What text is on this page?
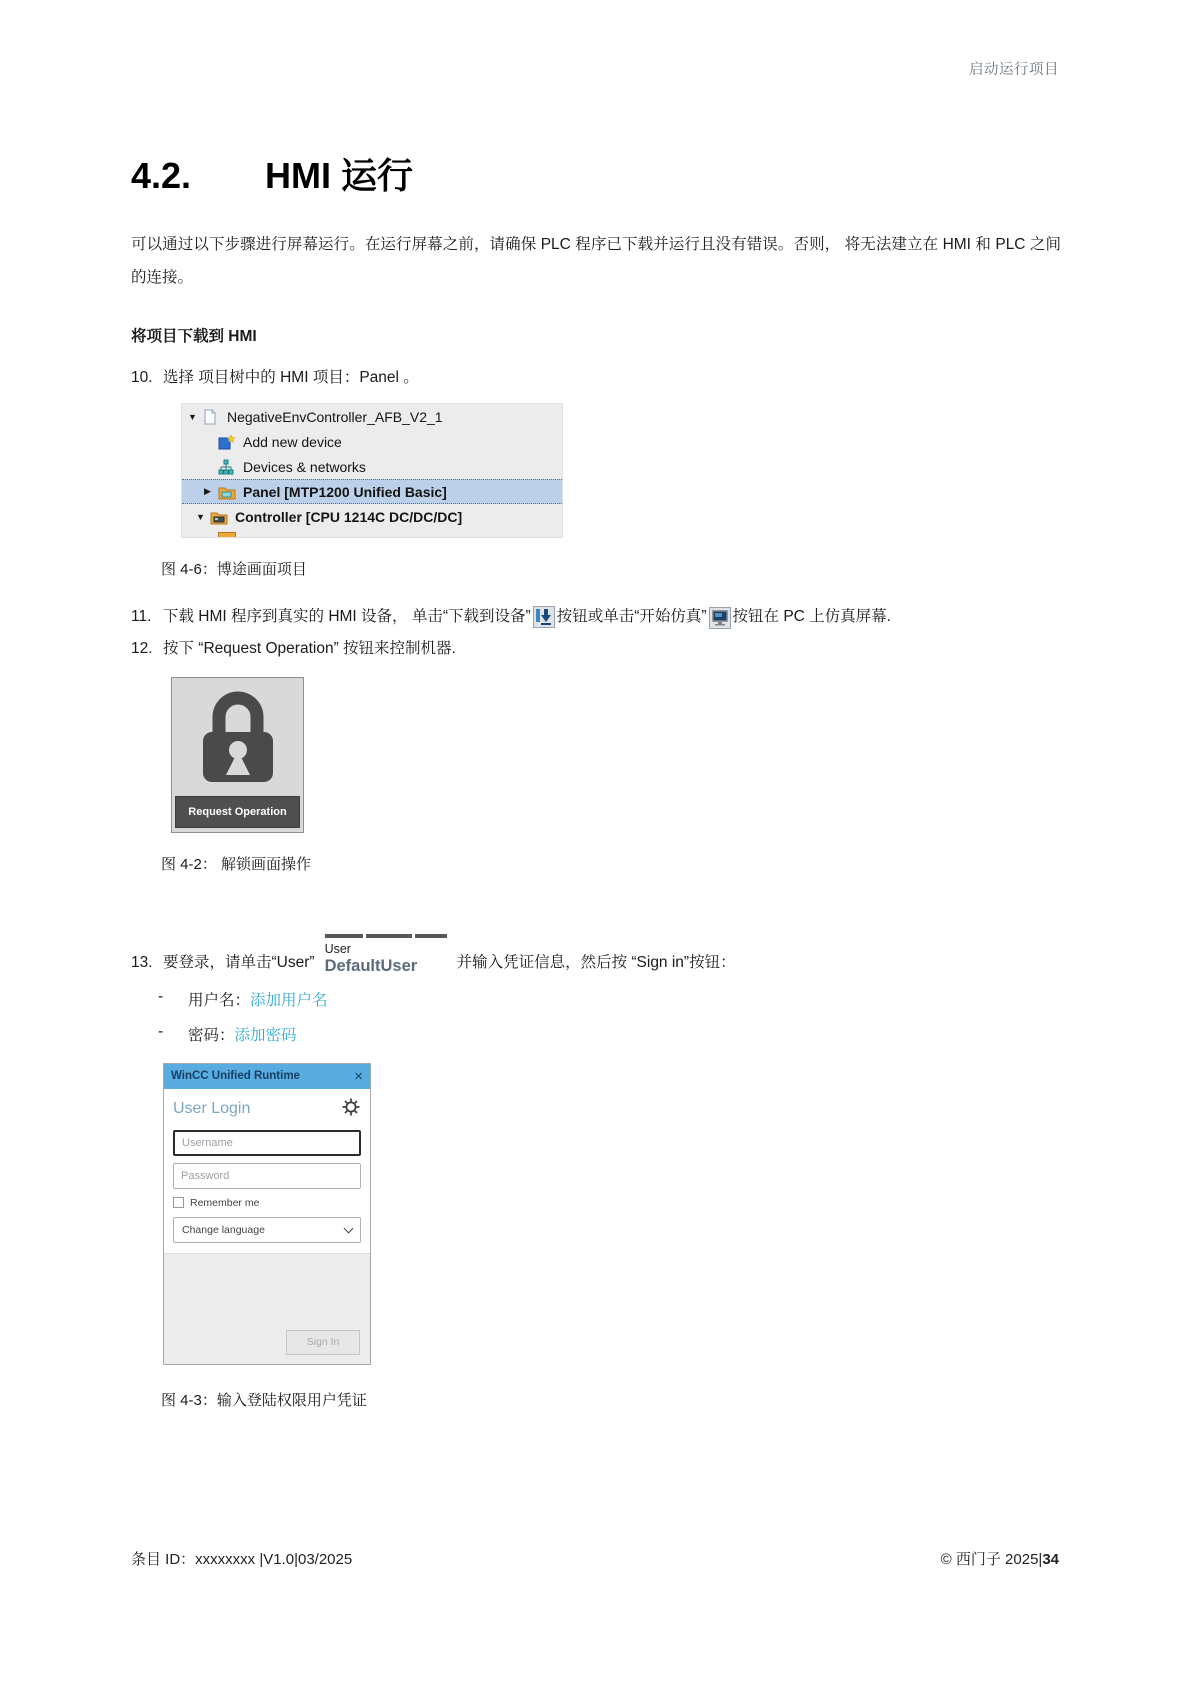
启动运行项目
4.2.	HMI 运行

可以通过以下步骤进行屏幕运行。在运行屏幕之前，请确保 PLC 程序已下载并运行且没有错误。否则， 将无法建立在 HMI 和 PLC 之间的连接。

将项目下载到 HMI
10. 选择 项目树中的 HMI 项目：Panel 。
▼	NegativeEnvController_AFB_V2_1
Add new device
Devices & networks
▶	Panel [MTP1200 Unified Basic]
▼	Controller [CPU 1214C DC/DC/DC]
图 4-6：博途画面项目
11. 下载 HMI 程序到真实的 HMI 设备， 单击“下载到设备” 按钮或单击“开始仿真” 按钮在 PC 上仿真屏幕.
12. 按下 “Request Operation” 按钮来控制机器.
Request Operation
图 4-2： 解锁画面操作
13. 要登录，请单击“User”
User
DefaultUser	并输入凭证信息，然后按 “Sign in”按钮：
-	用户名： 添加用户名
-	密码： 添加密码
WinCC Unified Runtime	×
User Login
Username
Remember me
Change language
Sign In
图 4-3：输入登陆权限用户凭证
条目 ID：xxxxxxxx |V1.0|03/2025	© 西门子 2025|34
